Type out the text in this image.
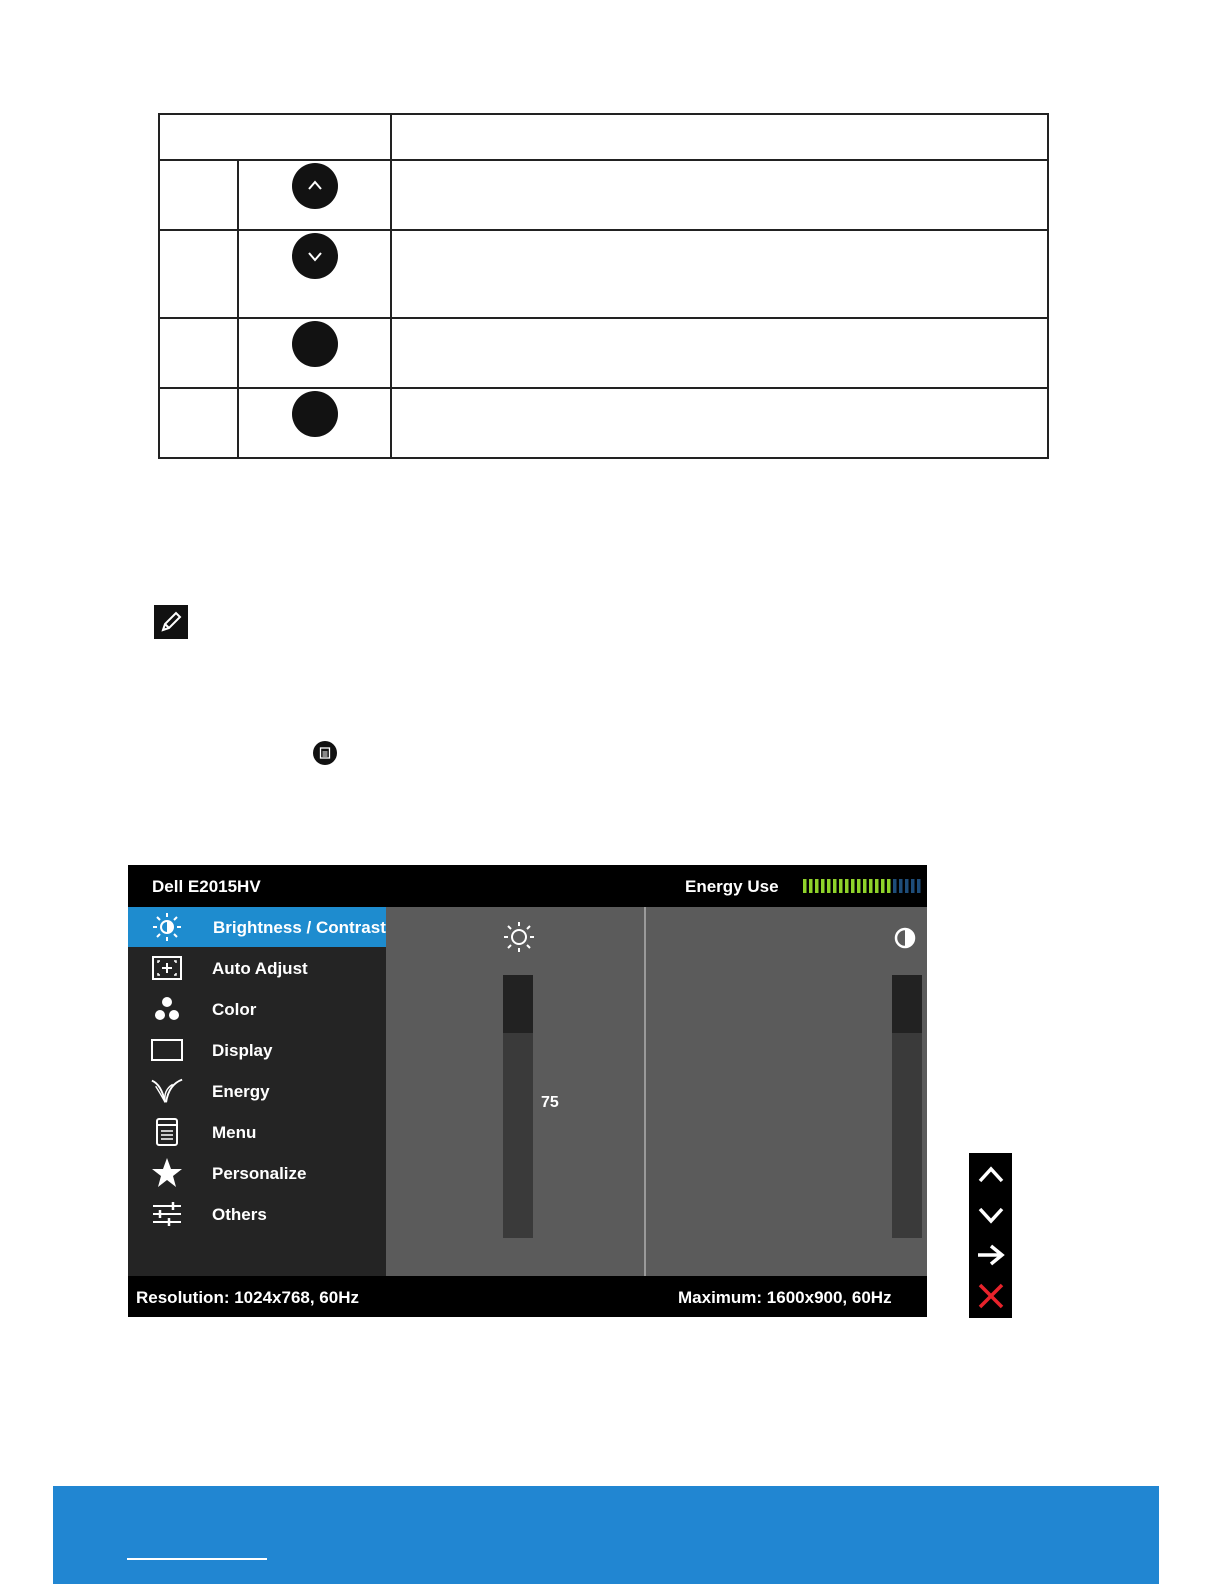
Dell E2015HV	Energy Use
Brightness / Contrast
Auto Adjust
Color
Display
Energy
Menu
Personalize
Others
75	75
Resolution: 1024x768, 60Hz	Maximum: 1600x900, 60Hz
